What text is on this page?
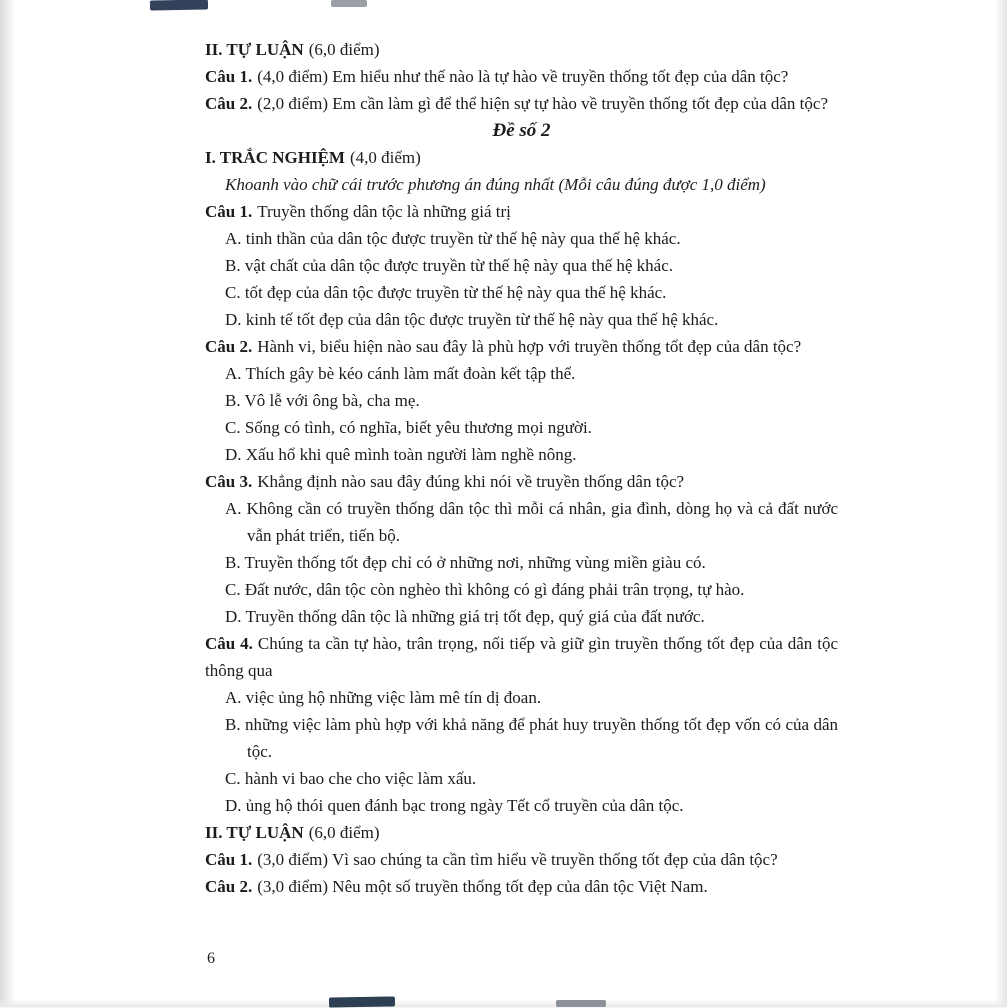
II. TỰ LUẬN (6,0 điểm)

Câu 1. (4,0 điểm) Em hiểu như thế nào là tự hào về truyền thống tốt đẹp của dân tộc?

Câu 2. (2,0 điểm) Em cần làm gì để thể hiện sự tự hào về truyền thống tốt đẹp của dân tộc?

Đề số 2

I. TRẮC NGHIỆM (4,0 điểm)

Khoanh vào chữ cái trước phương án đúng nhất (Mỗi câu đúng được 1,0 điểm)

Câu 1. Truyền thống dân tộc là những giá trị

A. tinh thần của dân tộc được truyền từ thế hệ này qua thế hệ khác.

B. vật chất của dân tộc được truyền từ thế hệ này qua thế hệ khác.

C. tốt đẹp của dân tộc được truyền từ thế hệ này qua thế hệ khác.

D. kinh tế tốt đẹp của dân tộc được truyền từ thế hệ này qua thế hệ khác.

Câu 2. Hành vi, biểu hiện nào sau đây là phù hợp với truyền thống tốt đẹp của dân tộc?

A. Thích gây bè kéo cánh làm mất đoàn kết tập thể.

B. Vô lễ với ông bà, cha mẹ.

C. Sống có tình, có nghĩa, biết yêu thương mọi người.

D. Xấu hổ khi quê mình toàn người làm nghề nông.

Câu 3. Khẳng định nào sau đây đúng khi nói về truyền thống dân tộc?

A. Không cần có truyền thống dân tộc thì mỗi cá nhân, gia đình, dòng họ và cả đất nước vẫn phát triển, tiến bộ.

B. Truyền thống tốt đẹp chỉ có ở những nơi, những vùng miền giàu có.

C. Đất nước, dân tộc còn nghèo thì không có gì đáng phải trân trọng, tự hào.

D. Truyền thống dân tộc là những giá trị tốt đẹp, quý giá của đất nước.

Câu 4. Chúng ta cần tự hào, trân trọng, nối tiếp và giữ gìn truyền thống tốt đẹp của dân tộc thông qua

A. việc ủng hộ những việc làm mê tín dị đoan.

B. những việc làm phù hợp với khả năng để phát huy truyền thống tốt đẹp vốn có của dân tộc.

C. hành vi bao che cho việc làm xấu.

D. ủng hộ thói quen đánh bạc trong ngày Tết cổ truyền của dân tộc.

II. TỰ LUẬN (6,0 điểm)

Câu 1. (3,0 điểm) Vì sao chúng ta cần tìm hiểu về truyền thống tốt đẹp của dân tộc?

Câu 2. (3,0 điểm) Nêu một số truyền thống tốt đẹp của dân tộc Việt Nam.

6
